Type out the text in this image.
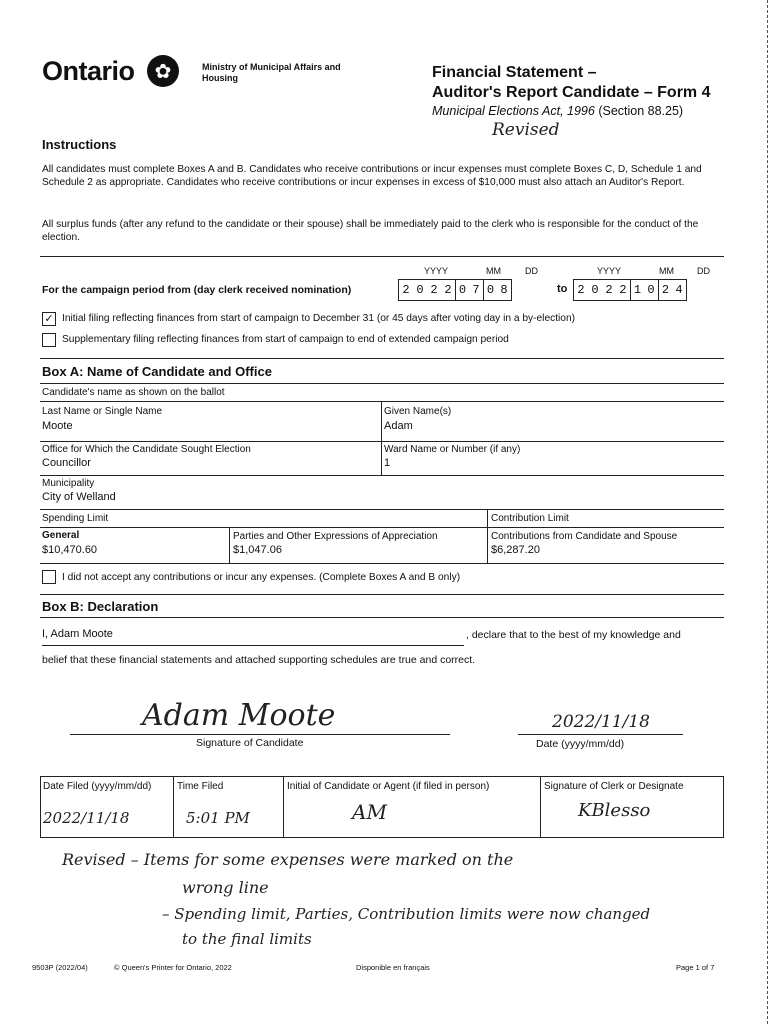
Ontario	✿	Ministry of Municipal Affairs and Housing	Financial Statement –
Auditor's Report Candidate – Form 4
Municipal Elections Act, 1996 (Section 88.25)
Revised
Instructions
All candidates must complete Boxes A and B. Candidates who receive contributions or incur expenses must complete Boxes C, D, Schedule 1 and Schedule 2 as appropriate. Candidates who receive contributions or incur expenses in excess of $10,000 must also attach an Auditor's Report.
All surplus funds (after any refund to the candidate or their spouse) shall be immediately paid to the clerk who is responsible for the conduct of the election.
YYYY	MM	DD	YYYY	MM	DD
For the campaign period from (day clerk received nomination)	2 0 2 2 0 7 0 8	to 2 0 2 2 1 0 2 4
✓ Initial filing reflecting finances from start of campaign to December 31 (or 45 days after voting day in a by-election)
Supplementary filing reflecting finances from start of campaign to end of extended campaign period
Box A: Name of Candidate and Office
Candidate's name as shown on the ballot
Last Name or Single Name
Moote
Given Name(s)
Adam
Office for Which the Candidate Sought Election
Councillor
Ward Name or Number (if any)
1
Municipality
City of Welland
Spending Limit
General
$10,470.60
Parties and Other Expressions of Appreciation
$1,047.06
Contribution Limit
Contributions from Candidate and Spouse
$6,287.20
I did not accept any contributions or incur any expenses. (Complete Boxes A and B only)
Box B: Declaration
I, Adam Moote	, declare that to the best of my knowledge and
belief that these financial statements and attached supporting schedules are true and correct.
Adam Moote
Signature of Candidate
2022/11/18
Date (yyyy/mm/dd)
Date Filed (yyyy/mm/dd)
2022/11/18
Time Filed
5:01 PM
Initial of Candidate or Agent (if filed in person)
AM
Signature of Clerk or Designate
KBlesso
Revised – Items for some expenses were marked on the
wrong line
– Spending limit, Parties, Contribution limits were now changed
to the final limits
9503P (2022/04)	© Queen's Printer for Ontario, 2022	Disponible en français	Page 1 of 7
